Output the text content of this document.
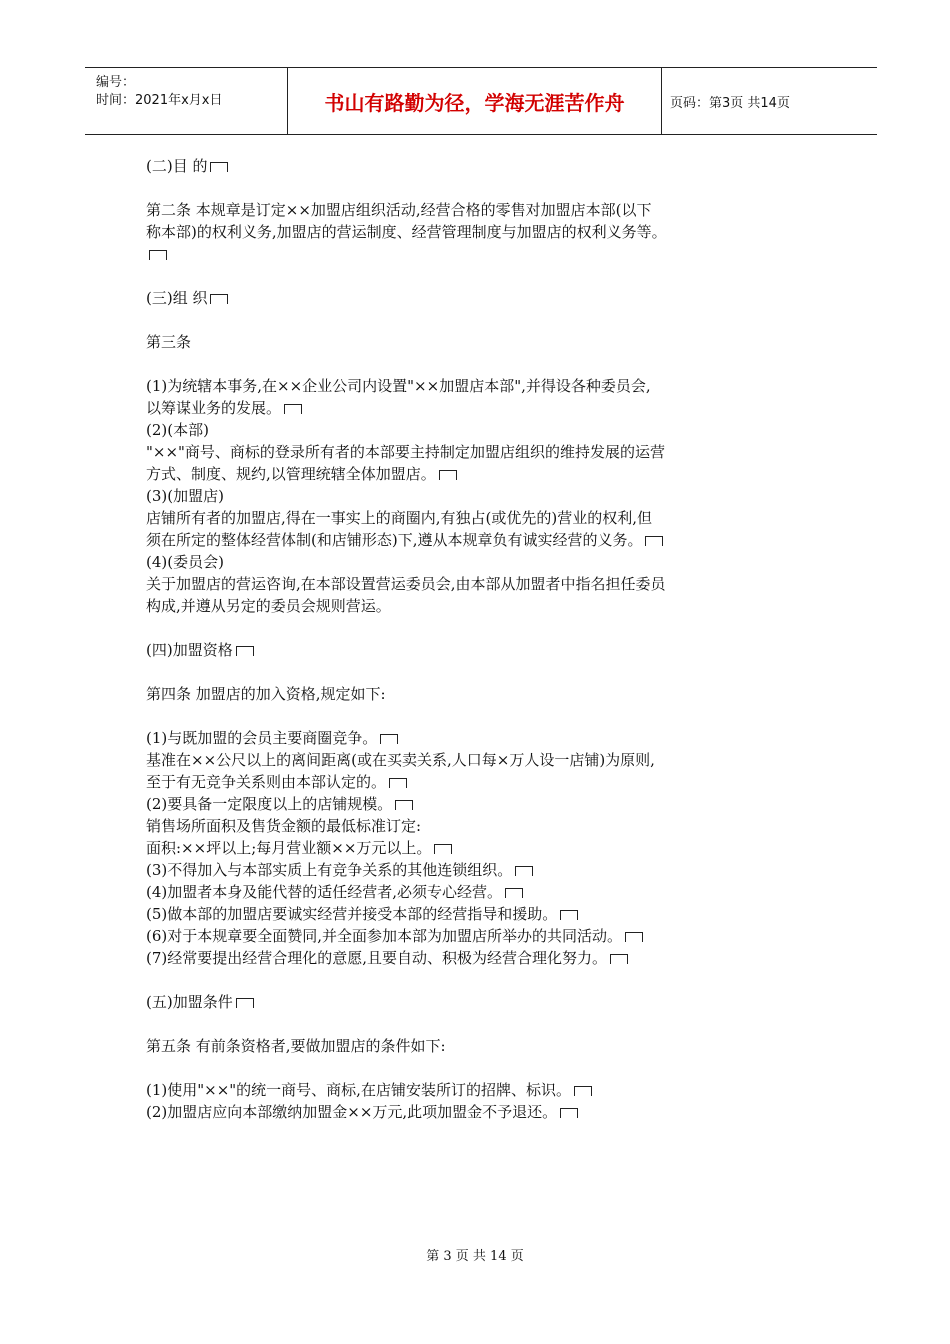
编号：
时间：2021年x月x日	书山有路勤为径，学海无涯苦作舟	页码：第3页 共14页
(二)目 的
第二条 本规章是订定××加盟店组织活动,经营合格的零售对加盟店本部(以下
称本部)的权利义务,加盟店的营运制度、经营管理制度与加盟店的权利义务等。
(三)组 织
第三条
(1)为统辖本事务,在××企业公司内设置"××加盟店本部",并得设各种委员会,
以筹谋业务的发展。
(2)(本部)
"××"商号、商标的登录所有者的本部要主持制定加盟店组织的维持发展的运营
方式、制度、规约,以管理统辖全体加盟店。
(3)(加盟店)
店铺所有者的加盟店,得在一事实上的商圈内,有独占(或优先的)营业的权利,但
须在所定的整体经营体制(和店铺形态)下,遵从本规章负有诚实经营的义务。
(4)(委员会)
关于加盟店的营运咨询,在本部设置营运委员会,由本部从加盟者中指名担任委员
构成,并遵从另定的委员会规则营运。
(四)加盟资格
第四条 加盟店的加入资格,规定如下:
(1)与既加盟的会员主要商圈竞争。
基准在××公尺以上的离间距离(或在买卖关系,人口每×万人设一店铺)为原则,
至于有无竞争关系则由本部认定的。
(2)要具备一定限度以上的店铺规模。
销售场所面积及售货金额的最低标准订定:
面积:××坪以上;每月营业额××万元以上。
(3)不得加入与本部实质上有竞争关系的其他连锁组织。
(4)加盟者本身及能代替的适任经营者,必须专心经营。
(5)做本部的加盟店要诚实经营并接受本部的经营指导和援助。
(6)对于本规章要全面赞同,并全面参加本部为加盟店所举办的共同活动。
(7)经常要提出经营合理化的意愿,且要自动、积极为经营合理化努力。
(五)加盟条件
第五条 有前条资格者,要做加盟店的条件如下:
(1)使用"××"的统一商号、商标,在店铺安装所订的招牌、标识。
(2)加盟店应向本部缴纳加盟金××万元,此项加盟金不予退还。
第 3 页 共 14 页
